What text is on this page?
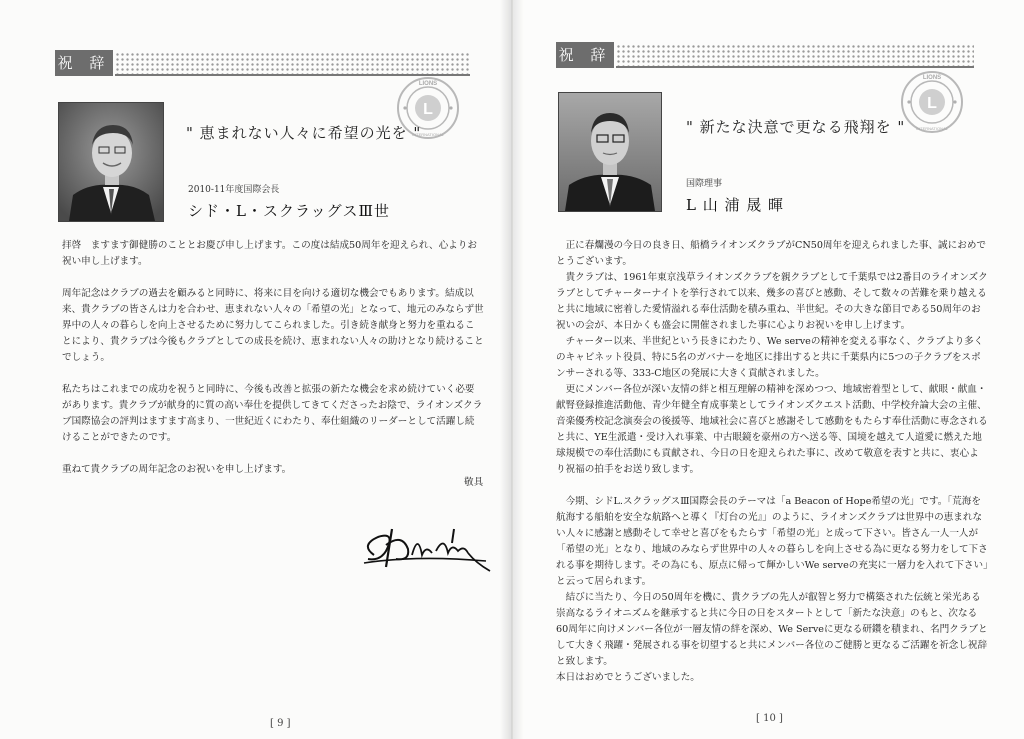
祝 辞
L
LIONS
INTERNATIONAL
" 恵まれない人々に希望の光を "
2010-11年度国際会長
シド・L・スクラッグスⅢ世

拝啓　ますます御健勝のこととお慶び申し上げます。この度は結成50周年を迎えられ、心よりお祝い申し上げます。

周年記念はクラブの過去を顧みると同時に、将来に目を向ける適切な機会でもあります。結成以来、貴クラブの皆さんは力を合わせ、恵まれない人々の「希望の光」となって、地元のみならず世界中の人々の暮らしを向上させるために努力してこられました。引き続き献身と努力を重ねることにより、貴クラブは今後もクラブとしての成長を続け、恵まれない人々の助けとなり続けることでしょう。

私たちはこれまでの成功を祝うと同時に、今後も改善と拡張の新たな機会を求め続けていく必要があります。貴クラブが献身的に質の高い奉仕を提供してきてくださったお陰で、ライオンズクラブ国際協会の評判はますます高まり、一世紀近くにわたり、奉仕組織のリーダーとして活躍し続けることができたのです。

重ねて貴クラブの周年記念のお祝いを申し上げます。

敬具
[ 9 ]
祝 辞
L
LIONS
INTERNATIONAL
" 新たな決意で更なる飛翔を "
国際理事
L 山 浦 晟 暉

正に春爛漫の今日の良き日、船橋ライオンズクラブがCN50周年を迎えられました事、誠におめでとうございます。

貴クラブは、1961年東京浅草ライオンズクラブを親クラブとして千葉県では2番目のライオンズクラブとしてチャーターナイトを挙行されて以来、幾多の喜びと感動、そして数々の苦難を乗り越えると共に地域に密着した愛情溢れる奉仕活動を積み重ね、半世紀。その大きな節目である50周年のお祝いの会が、本日かくも盛会に開催されました事に心よりお祝いを申し上げます。

チャーター以来、半世紀という長きにわたり、We serveの精神を変える事なく、クラブより多くのキャビネット役員、特に5名のガバナーを地区に排出すると共に千葉県内に5つの子クラブをスポンサーされる等、333-C地区の発展に大きく貢献されました。

更にメンバー各位が深い友情の絆と相互理解の精神を深めつつ、地域密着型として、献眼・献血・献腎登録推進活動他、青少年健全育成事業としてライオンズクエスト活動、中学校弁論大会の主催、音楽優秀校記念演奏会の後援等、地域社会に喜びと感謝そして感動をもたらす奉仕活動に専念されると共に、YE生派遣・受け入れ事業、中古眼鏡を豪州の方へ送る等、国境を越えて人道愛に燃えた地球規模での奉仕活動にも貢献され、今日の日を迎えられた事に、改めて敬意を表すと共に、衷心より祝福の拍手をお送り致します。

今期、シドL.スクラッグスⅢ国際会長のテーマは「a Beacon of Hope希望の光」です。「荒海を航海する船舶を安全な航路へと導く『灯台の光』」のように、ライオンズクラブは世界中の恵まれない人々に感謝と感動そして幸せと喜びをもたらす「希望の光」と成って下さい。皆さん一人一人が「希望の光」となり、地域のみならず世界中の人々の暮らしを向上させる為に更なる努力をして下される事を期待します。その為にも、原点に帰って輝かしいWe serveの充実に一層力を入れて下さい」と云って居られます。

結びに当たり、今日の50周年を機に、貴クラブの先人が叡智と努力で構築された伝統と栄光ある崇高なるライオニズムを継承すると共に今日の日をスタートとして「新たな決意」のもと、次なる60周年に向けメンバー各位が一層友情の絆を深め、We Serveに更なる研鑽を積まれ、名門クラブとして大きく飛躍・発展される事を切望すると共にメンバー各位のご健勝と更なるご活躍を祈念し祝辞と致します。

本日はおめでとうございました。

[ 10 ]
